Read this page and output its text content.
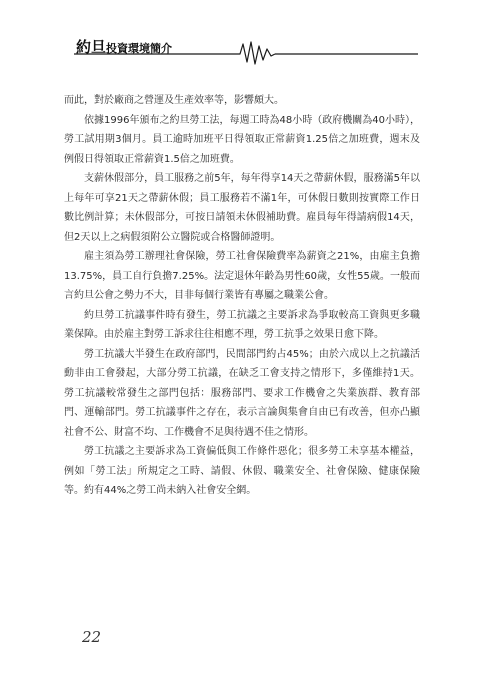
約旦投資環境簡介

而此，對於廠商之營運及生產效率等，影響頗大。

依據1996年頒布之約旦勞工法，每週工時為48小時（政府機關為40小時），勞工試用期3個月。員工逾時加班平日得領取正常薪資1.25倍之加班費，週末及例假日得領取正常薪資1.5倍之加班費。

支薪休假部分，員工服務之前5年，每年得享14天之帶薪休假，服務滿5年以上每年可享21天之帶薪休假；員工服務若不滿1年，可休假日數則按實際工作日數比例計算；未休假部分，可按日請領未休假補助費。雇員每年得請病假14天，但2天以上之病假須附公立醫院或合格醫師證明。

雇主須為勞工辦理社會保險，勞工社會保險費率為薪資之21%，由雇主負擔13.75%，員工自行負擔7.25%。法定退休年齡為男性60歲，女性55歲。一般而言約旦公會之勢力不大，目非每個行業皆有專屬之職業公會。

約旦勞工抗議事件時有發生，勞工抗議之主要訴求為爭取較高工資與更多職業保障。由於雇主對勞工訴求往往相應不理，勞工抗爭之效果日愈下降。

勞工抗議大半發生在政府部門，民間部門約占45%；由於六成以上之抗議活動非由工會發起，大部分勞工抗議，在缺乏工會支持之情形下，多僅維持1天。勞工抗議較常發生之部門包括：服務部門、要求工作機會之失業族群、教育部門、運輸部門。勞工抗議事件之存在，表示言論與集會自由已有改善，但亦凸顯社會不公、財富不均、工作機會不足與待遇不佳之情形。

勞工抗議之主要訴求為工資偏低與工作條件惡化；很多勞工未享基本權益，例如「勞工法」所規定之工時、請假、休假、職業安全、社會保險、健康保險等。約有44%之勞工尚未納入社會安全網。

22
